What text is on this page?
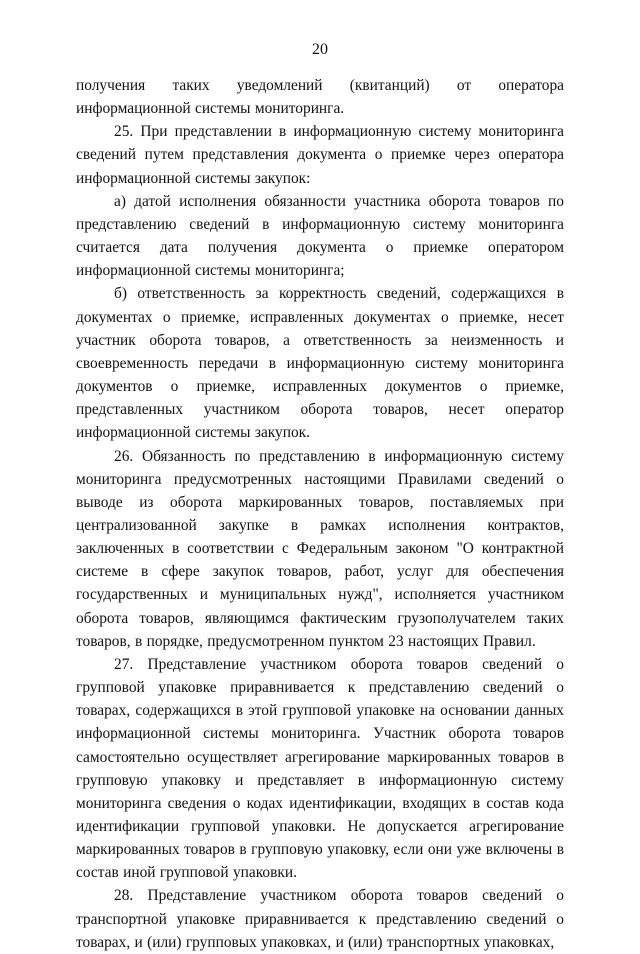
20

получения таких уведомлений (квитанций) от оператора информационной системы мониторинга.

25. При представлении в информационную систему мониторинга сведений путем представления документа о приемке через оператора информационной системы закупок:

а) датой исполнения обязанности участника оборота товаров по представлению сведений в информационную систему мониторинга считается дата получения документа о приемке оператором информационной системы мониторинга;

б) ответственность за корректность сведений, содержащихся в документах о приемке, исправленных документах о приемке, несет участник оборота товаров, а ответственность за неизменность и своевременность передачи в информационную систему мониторинга документов о приемке, исправленных документов о приемке, представленных участником оборота товаров, несет оператор информационной системы закупок.

26. Обязанность по представлению в информационную систему мониторинга предусмотренных настоящими Правилами сведений о выводе из оборота маркированных товаров, поставляемых при централизованной закупке в рамках исполнения контрактов, заключенных в соответствии с Федеральным законом "О контрактной системе в сфере закупок товаров, работ, услуг для обеспечения государственных и муниципальных нужд", исполняется участником оборота товаров, являющимся фактическим грузополучателем таких товаров, в порядке, предусмотренном пунктом 23 настоящих Правил.

27. Представление участником оборота товаров сведений о групповой упаковке приравнивается к представлению сведений о товарах, содержащихся в этой групповой упаковке на основании данных информационной системы мониторинга. Участник оборота товаров самостоятельно осуществляет агрегирование маркированных товаров в групповую упаковку и представляет в информационную систему мониторинга сведения о кодах идентификации, входящих в состав кода идентификации групповой упаковки. Не допускается агрегирование маркированных товаров в групповую упаковку, если они уже включены в состав иной групповой упаковки.

28. Представление участником оборота товаров сведений о транспортной упаковке приравнивается к представлению сведений о товарах, и (или) групповых упаковках, и (или) транспортных упаковках,
